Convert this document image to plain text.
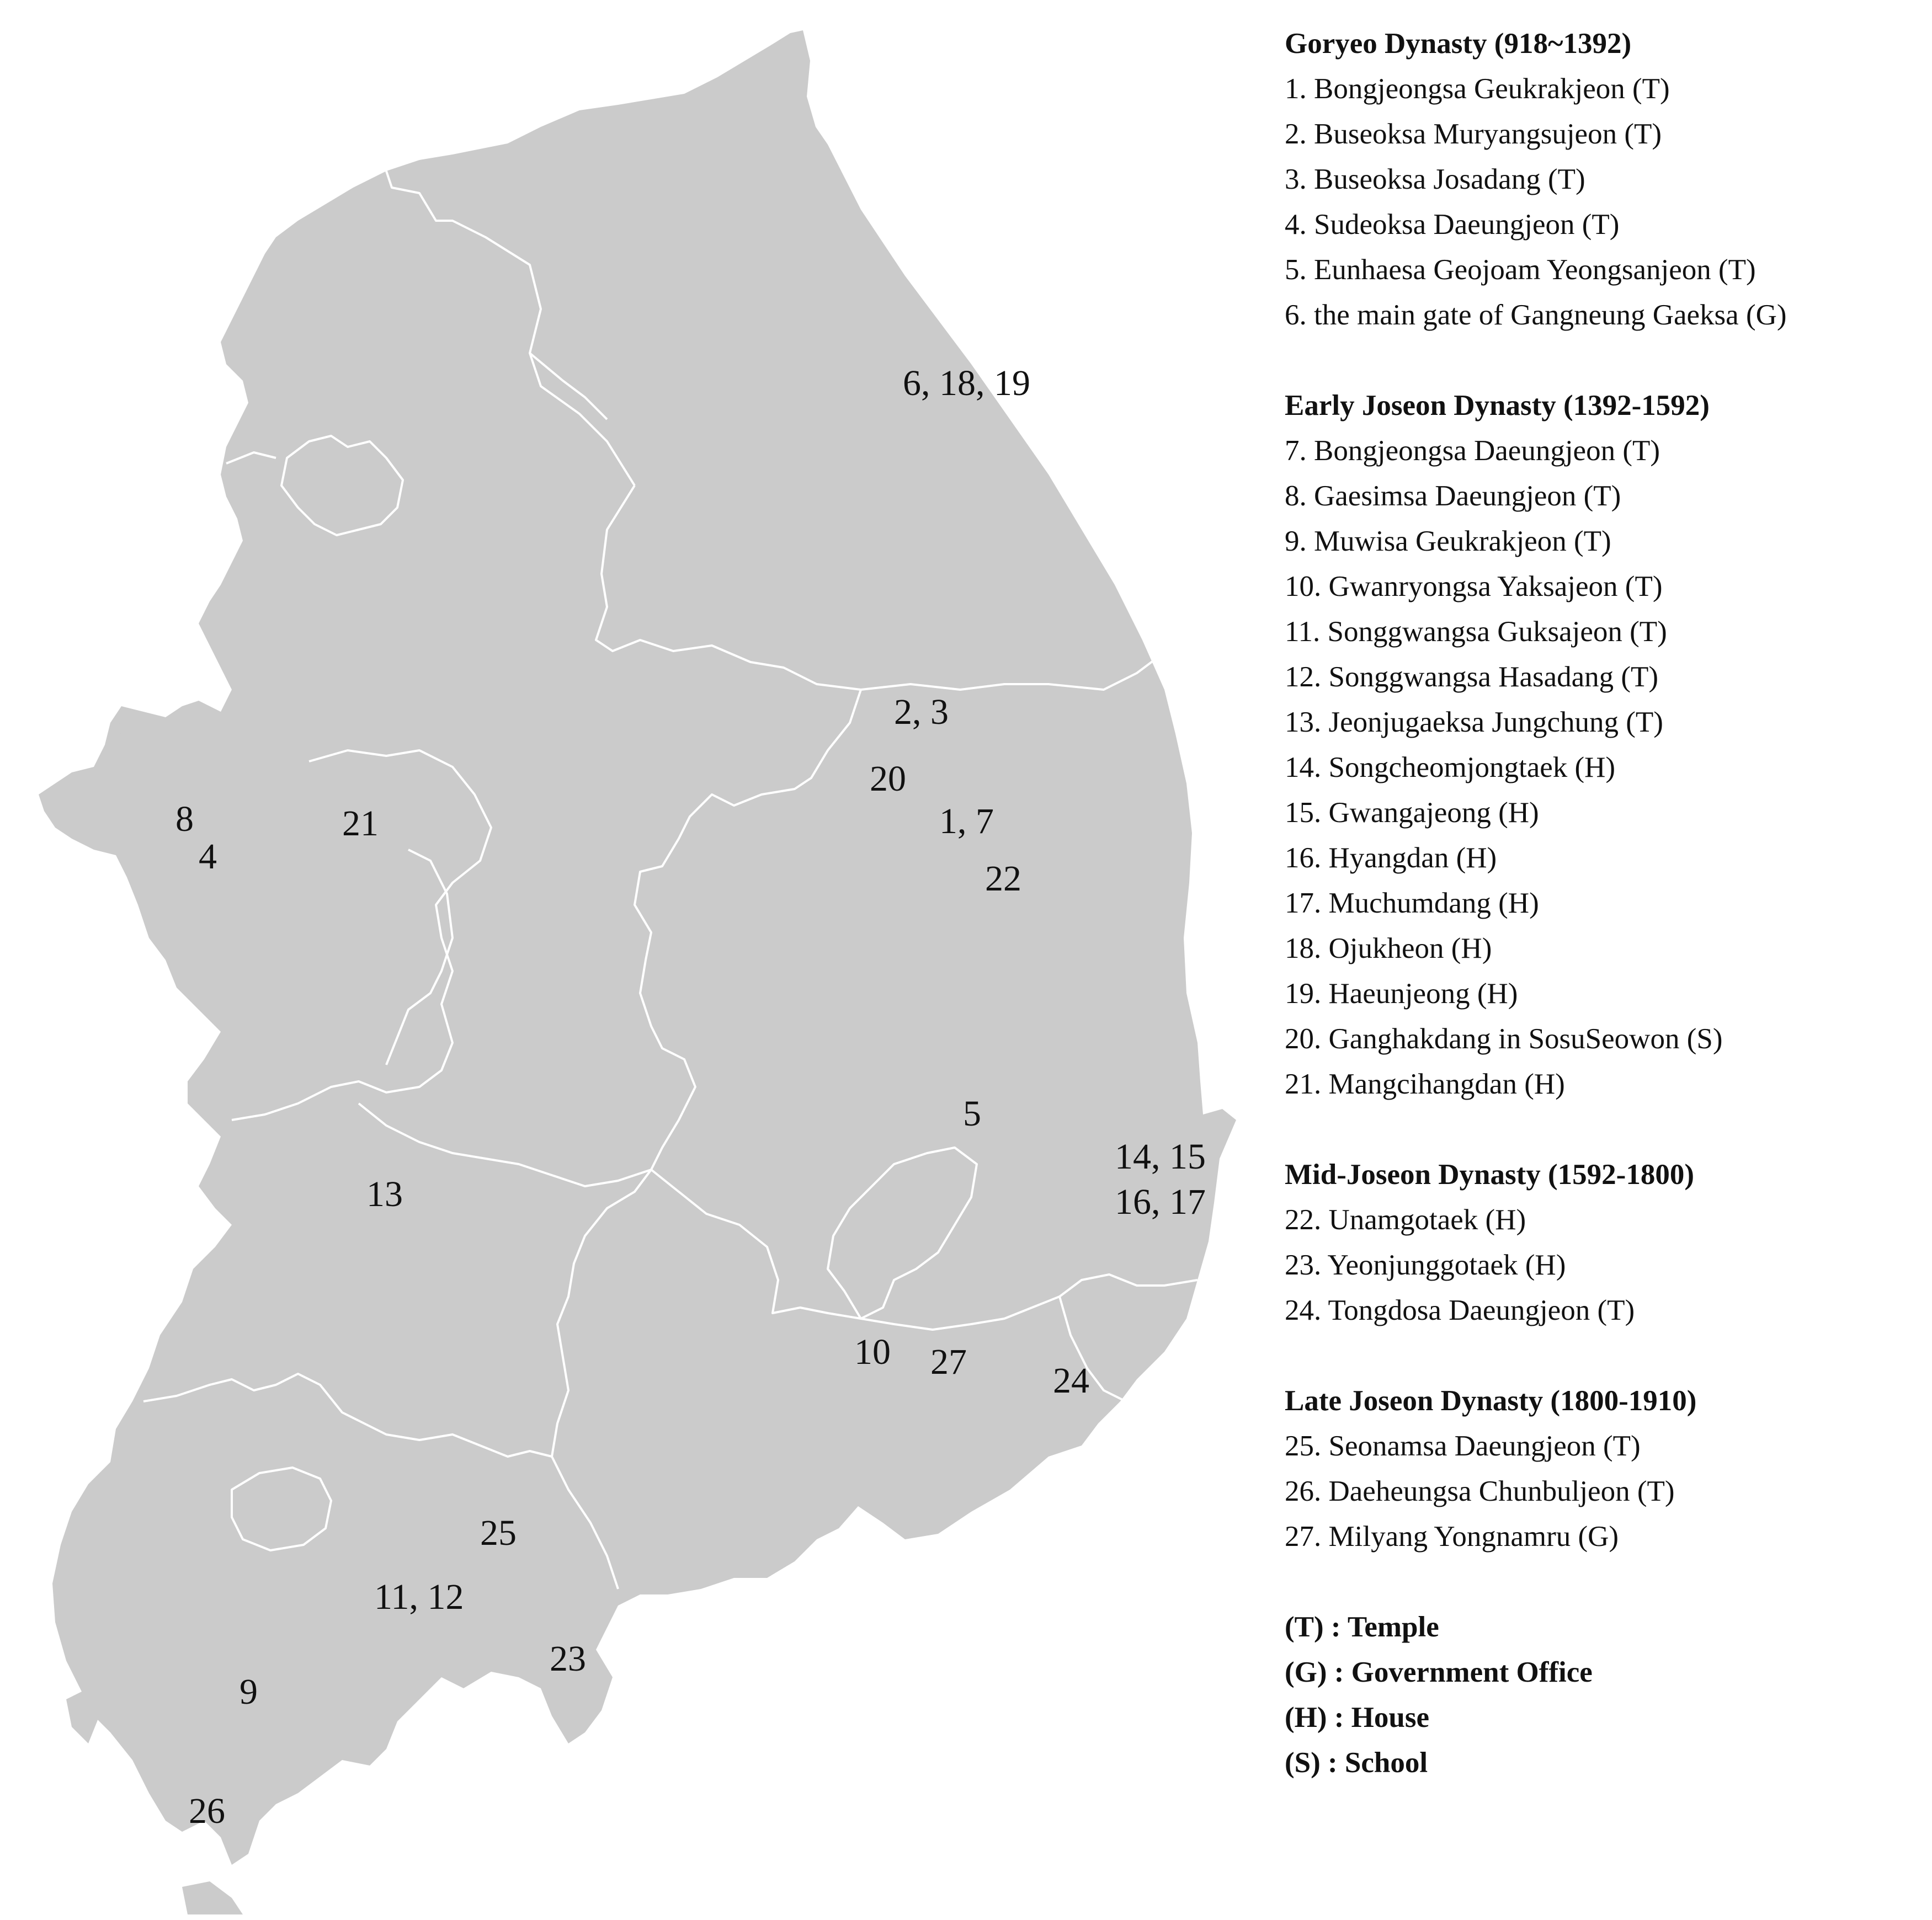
6, 18, 19
2, 3
20
1, 7
22
8
4
21
5
14, 15
16, 17
13
10 27 24
25
11, 12
23
9
26
Goryeo Dynasty (918~1392)
1. Bongjeongsa Geukrakjeon (T)
2. Buseoksa Muryangsujeon (T)
3. Buseoksa Josadang (T)
4. Sudeoksa Daeungjeon (T)
5. Eunhaesa Geojoam Yeongsanjeon (T)
6. the main gate of Gangneung Gaeksa (G)
Early Joseon Dynasty (1392-1592)
7. Bongjeongsa Daeungjeon (T)
8. Gaesimsa Daeungjeon (T)
9. Muwisa Geukrakjeon (T)
10. Gwanryongsa Yaksajeon (T)
11. Songgwangsa Guksajeon (T)
12. Songgwangsa Hasadang (T)
13. Jeonjugaeksa Jungchung (T)
14. Songcheomjongtaek (H)
15. Gwangajeong (H)
16. Hyangdan (H)
17. Muchumdang (H)
18. Ojukheon (H)
19. Haeunjeong (H)
20. Ganghakdang in SosuSeowon (S)
21. Mangcihangdan (H)
Mid-Joseon Dynasty (1592-1800)
22. Unamgotaek (H)
23. Yeonjunggotaek (H)
24. Tongdosa Daeungjeon (T)
Late Joseon Dynasty (1800-1910)
25. Seonamsa Daeungjeon (T)
26. Daeheungsa Chunbuljeon (T)
27. Milyang Yongnamru (G)
(T) : Temple
(G) : Government Office
(H) : House
(S) : School
